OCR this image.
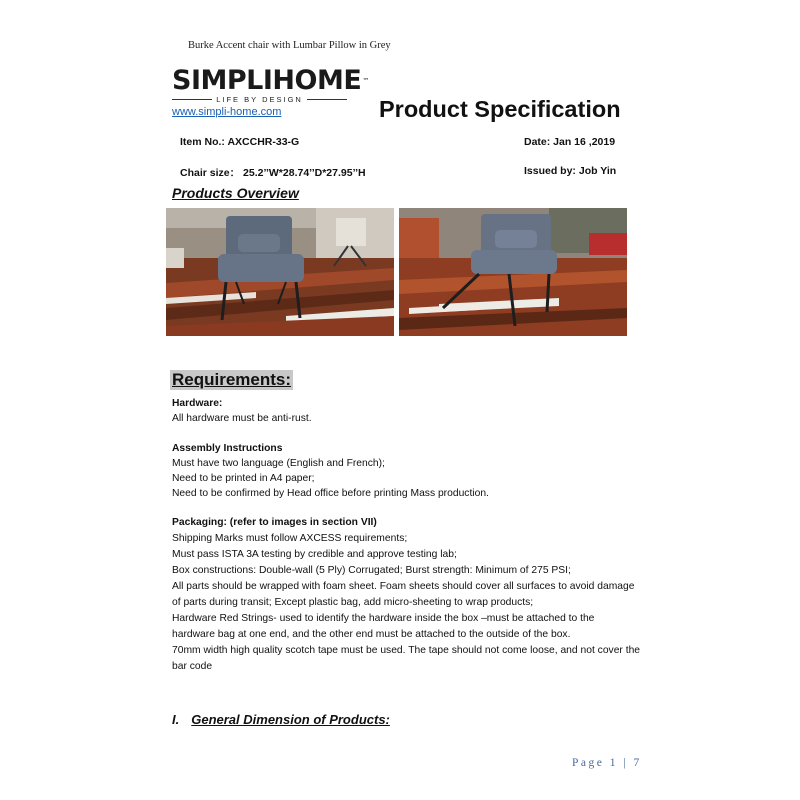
Burke Accent chair with Lumbar Pillow in Grey
SIMPLIHOME ™
LIFE BY DESIGN
www.simpli-home.com	Product Specification
Item No.: AXCCHR-33-G	Date: Jan 16 ,2019
Chair size： 25.2’’W*28.74’’D*27.95’’H	Issued by: Job Yin
Products Overview
Requirements:
Hardware:
All hardware must be anti-rust.
Assembly Instructions
Must have two language (English and French);
Need to be printed in A4 paper;
Need to be confirmed by Head office before printing Mass production.
Packaging: (refer to images in section VII)
Shipping Marks must follow AXCESS requirements;
Must pass ISTA 3A testing by credible and approve testing lab;
Box constructions: Double-wall (5 Ply) Corrugated; Burst strength: Minimum of 275 PSI;
All parts should be wrapped with foam sheet. Foam sheets should cover all surfaces to avoid damage
of parts during transit; Except plastic bag, add micro-sheeting to wrap products;
Hardware Red Strings- used to identify the hardware inside the box –must be attached to the
hardware bag at one end, and the other end must be attached to the outside of the box.
70mm width high quality scotch tape must be used. The tape should not come loose, and not cover the
bar code
I. General Dimension of Products:
Page 1 | 7
